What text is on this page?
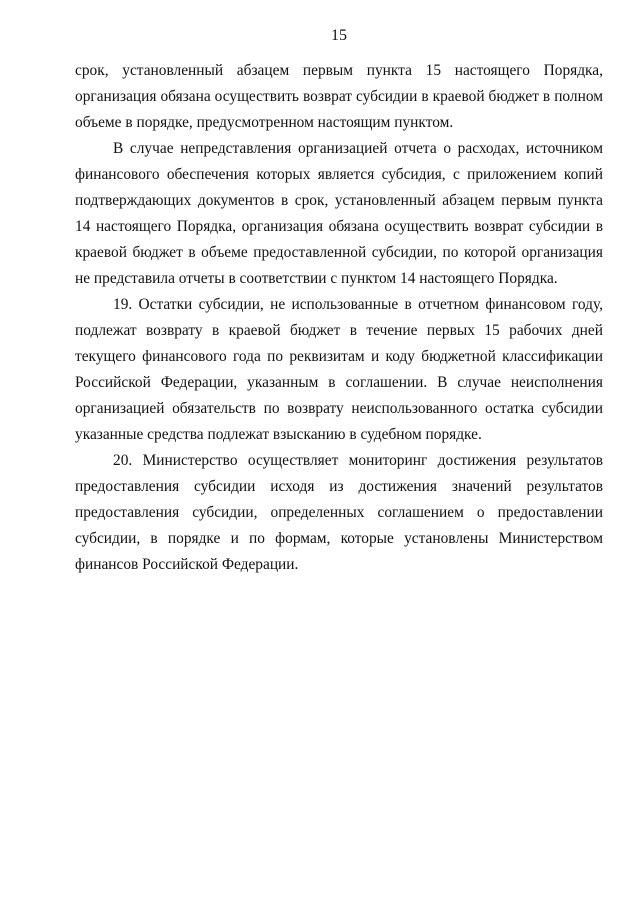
15

срок, установленный абзацем первым пункта 15 настоящего Порядка, организация обязана осуществить возврат субсидии в краевой бюджет в полном объеме в порядке, предусмотренном настоящим пунктом.

В случае непредставления организацией отчета о расходах, источником финансового обеспечения которых является субсидия, с приложением копий подтверждающих документов в срок, установленный абзацем первым пункта 14 настоящего Порядка, организация обязана осуществить возврат субсидии в краевой бюджет в объеме предоставленной субсидии, по которой организация не представила отчеты в соответствии с пунктом 14 настоящего Порядка.

19. Остатки субсидии, не использованные в отчетном финансовом году, подлежат возврату в краевой бюджет в течение первых 15 рабочих дней текущего финансового года по реквизитам и коду бюджетной классификации Российской Федерации, указанным в соглашении. В случае неисполнения организацией обязательств по возврату неиспользованного остатка субсидии указанные средства подлежат взысканию в судебном порядке.

20. Министерство осуществляет мониторинг достижения результатов предоставления субсидии исходя из достижения значений результатов предоставления субсидии, определенных соглашением о предоставлении субсидии, в порядке и по формам, которые установлены Министерством финансов Российской Федерации.
